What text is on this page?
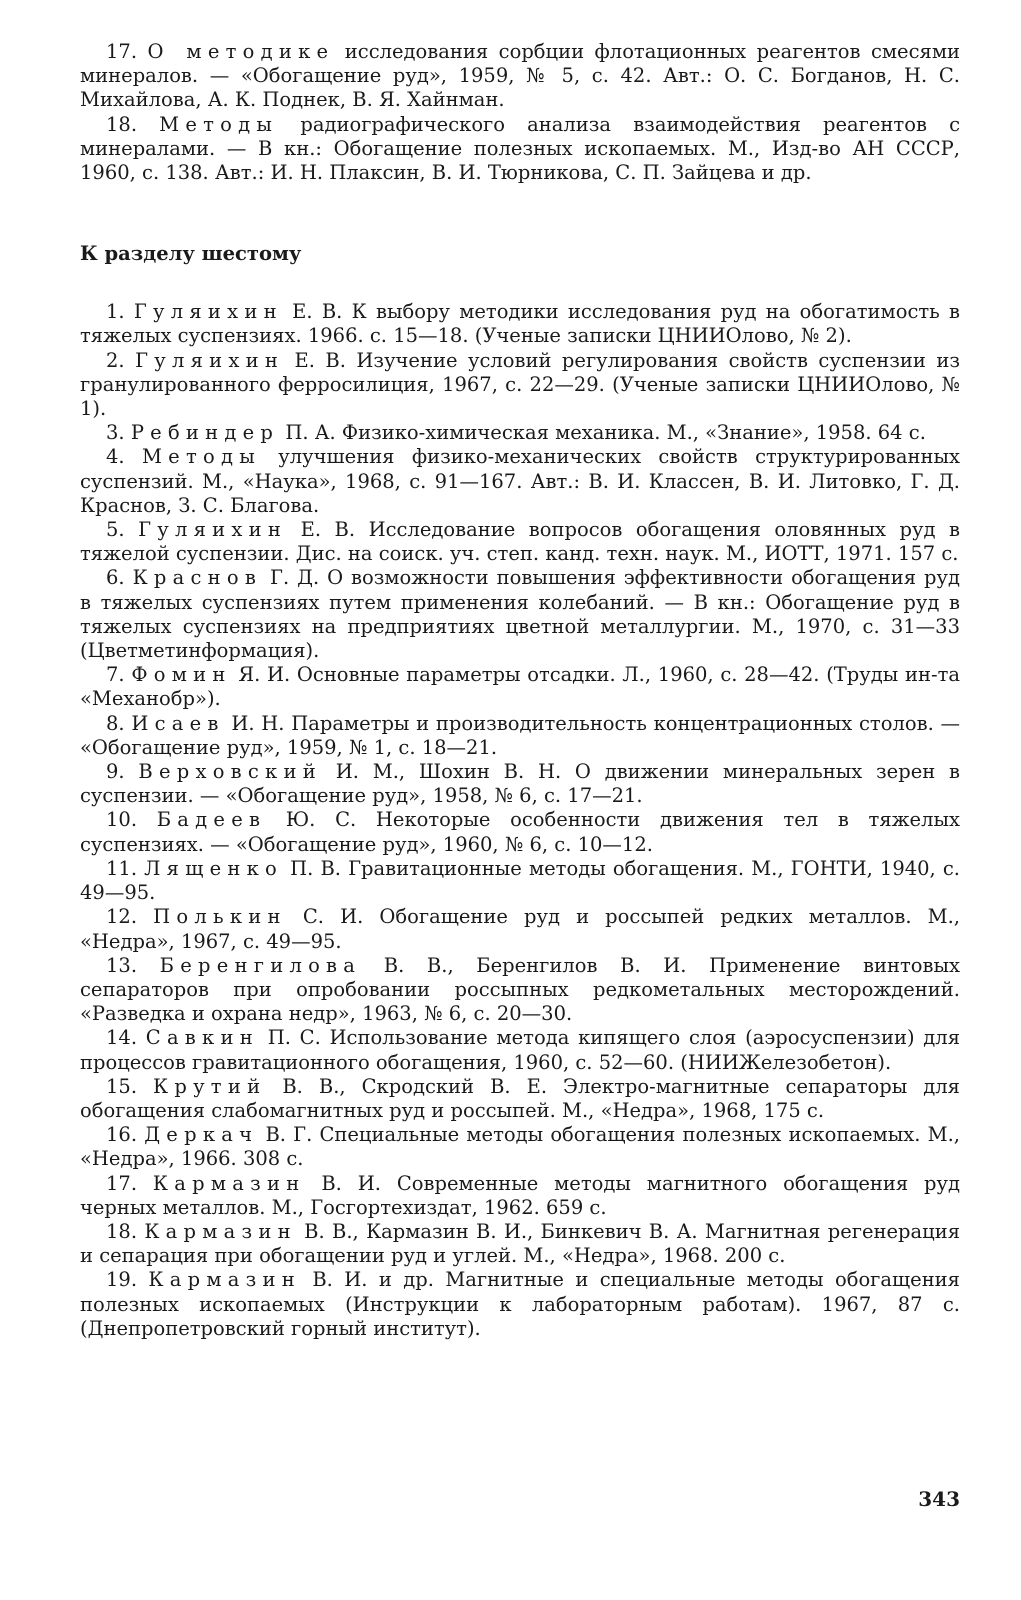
17. О методике исследования сорбции флотационных реагентов смесями минералов. — «Обогащение руд», 1959, № 5, с. 42. Авт.: О. С. Богданов, Н. С. Михайлова, А. К. Поднек, В. Я. Хайнман.

18. Методы радиографического анализа взаимодействия реагентов с минералами. — В кн.: Обогащение полезных ископаемых. М., Изд-во АН СССР, 1960, с. 138. Авт.: И. Н. Плаксин, В. И. Тюрникова, С. П. Зайцева и др.

К разделу шестому

1. Гуляихин Е. В. К выбору методики исследования руд на обогатимость в тяжелых суспензиях. 1966. с. 15—18. (Ученые записки ЦНИИОлово, № 2).

2. Гуляихин Е. В. Изучение условий регулирования свойств суспензии из гранулированного ферросилиция, 1967, с. 22—29. (Ученые записки ЦНИИОлово, № 1).

3. Ребиндер П. А. Физико-химическая механика. М., «Знание», 1958. 64 с.

4. Методы улучшения физико-механических свойств структурированных суспензий. М., «Наука», 1968, с. 91—167. Авт.: В. И. Классен, В. И. Литовко, Г. Д. Краснов, З. С. Благова.

5. Гуляихин Е. В. Исследование вопросов обогащения оловянных руд в тяжелой суспензии. Дис. на соиск. уч. степ. канд. техн. наук. М., ИОТТ, 1971. 157 с.

6. Краснов Г. Д. О возможности повышения эффективности обогащения руд в тяжелых суспензиях путем применения колебаний. — В кн.: Обогащение руд в тяжелых суспензиях на предприятиях цветной металлургии. М., 1970, с. 31—33 (Цветметинформация).

7. Фомин Я. И. Основные параметры отсадки. Л., 1960, с. 28—42. (Труды ин-та «Механобр»).

8. Исаев И. Н. Параметры и производительность концентрационных столов. — «Обогащение руд», 1959, № 1, с. 18—21.

9. Верховский И. М., Шохин В. Н. О движении минеральных зерен в суспензии. — «Обогащение руд», 1958, № 6, с. 17—21.

10. Бадеев Ю. С. Некоторые особенности движения тел в тяжелых суспензиях. — «Обогащение руд», 1960, № 6, с. 10—12.

11. Лященко П. В. Гравитационные методы обогащения. М., ГОНТИ, 1940, с. 49—95.

12. Полькин С. И. Обогащение руд и россыпей редких металлов. М., «Недра», 1967, с. 49—95.

13. Беренгилова В. В., Беренгилов В. И. Применение винтовых сепараторов при опробовании россыпных редкометальных месторождений. «Разведка и охрана недр», 1963, № 6, с. 20—30.

14. Савкин П. С. Использование метода кипящего слоя (аэросуспензии) для процессов гравитационного обогащения, 1960, с. 52—60. (НИИЖелезобетон).

15. Крутий В. В., Скродский В. Е. Электро-магнитные сепараторы для обогащения слабомагнитных руд и россыпей. М., «Недра», 1968, 175 с.

16. Деркач В. Г. Специальные методы обогащения полезных ископаемых. М., «Недра», 1966. 308 с.

17. Кармазин В. И. Современные методы магнитного обогащения руд черных металлов. М., Госгортехиздат, 1962. 659 с.

18. Кармазин В. В., Кармазин В. И., Бинкевич В. А. Магнитная регенерация и сепарация при обогащении руд и углей. М., «Недра», 1968. 200 с.

19. Кармазин В. И. и др. Магнитные и специальные методы обогащения полезных ископаемых (Инструкции к лабораторным работам). 1967, 87 с. (Днепропетровский горный институт).

343
